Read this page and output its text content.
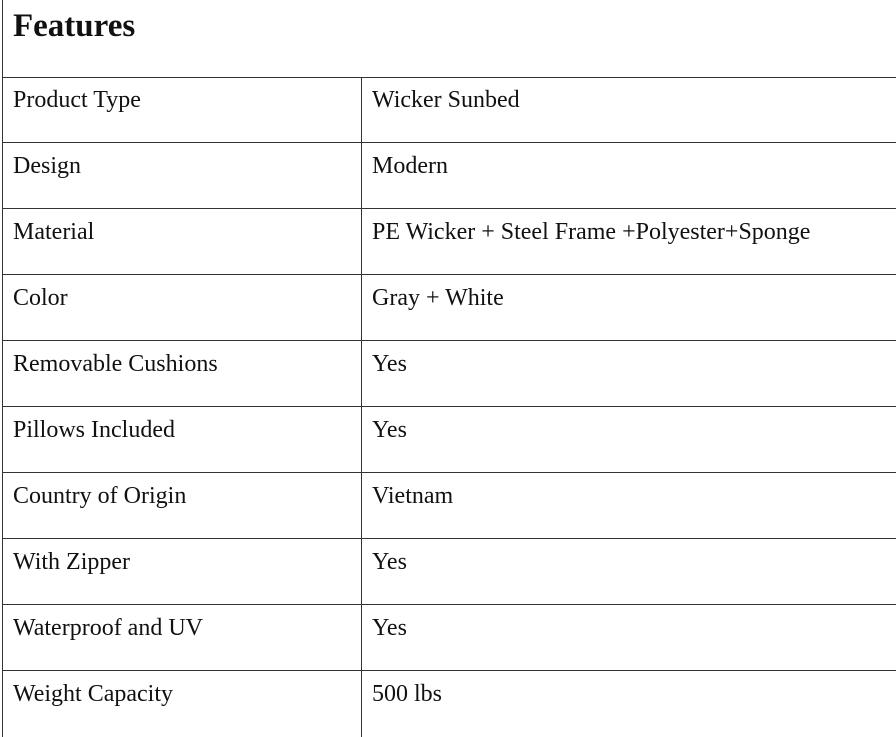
Features
Product Type	Wicker Sunbed
Design	Modern
Material	PE Wicker + Steel Frame +Polyester+Sponge
Color	Gray + White
Removable Cushions	Yes
Pillows Included	Yes
Country of Origin	Vietnam
With Zipper	Yes
Waterproof and UV	Yes
Weight Capacity	500 lbs
